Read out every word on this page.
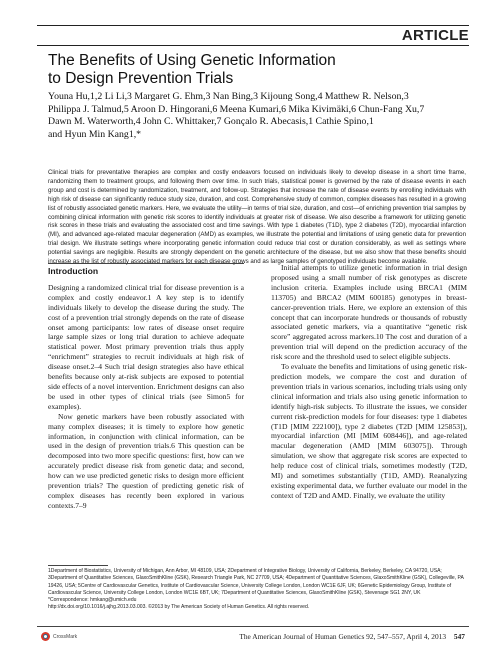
ARTICLE
The Benefits of Using Genetic Information
to Design Prevention Trials
Youna Hu,1,2 Li Li,3 Margaret G. Ehm,3 Nan Bing,3 Kijoung Song,4 Matthew R. Nelson,3
Philippa J. Talmud,5 Aroon D. Hingorani,6 Meena Kumari,6 Mika Kivimäki,6 Chun-Fang Xu,7
Dawn M. Waterworth,4 John C. Whittaker,7 Gonçalo R. Abecasis,1 Cathie Spino,1
and Hyun Min Kang1,*
Clinical trials for preventative therapies are complex and costly endeavors focused on individuals likely to develop disease in a short time frame, randomizing them to treatment groups, and following them over time. In such trials, statistical power is governed by the rate of disease events in each group and cost is determined by randomization, treatment, and follow-up. Strategies that increase the rate of disease events by enrolling individuals with high risk of disease can significantly reduce study size, duration, and cost. Comprehensive study of common, complex diseases has resulted in a growing list of robustly associated genetic markers. Here, we evaluate the utility—in terms of trial size, duration, and cost—of enriching prevention trial samples by combining clinical information with genetic risk scores to identify individuals at greater risk of disease. We also describe a framework for utilizing genetic risk scores in these trials and evaluating the associated cost and time savings. With type 1 diabetes (T1D), type 2 diabetes (T2D), myocardial infarction (MI), and advanced age-related macular degeneration (AMD) as examples, we illustrate the potential and limitations of using genetic data for prevention trial design. We illustrate settings where incorporating genetic information could reduce trial cost or duration considerably, as well as settings where potential savings are negligible. Results are strongly dependent on the genetic architecture of the disease, but we also show that these benefits should increase as the list of robustly associated markers for each disease grows and as large samples of genotyped individuals become available.
Introduction

Designing a randomized clinical trial for disease prevention is a complex and costly endeavor.1 A key step is to identify individuals likely to develop the disease during the study. The cost of a prevention trial strongly depends on the rate of disease onset among participants: low rates of disease onset require large sample sizes or long trial duration to achieve adequate statistical power. Most primary prevention trials thus apply “enrichment” strategies to recruit individuals at high risk of disease onset.2–4 Such trial design strategies also have ethical benefits because only at-risk subjects are exposed to potential side effects of a novel intervention. Enrichment designs can also be used in other types of clinical trials (see Simon5 for examples).

Now genetic markers have been robustly associated with many complex diseases; it is timely to explore how genetic information, in conjunction with clinical information, can be used in the design of prevention trials.6 This question can be decomposed into two more specific questions: first, how can we accurately predict disease risk from genetic data; and second, how can we use predicted genetic risks to design more efficient prevention trials? The question of predicting genetic risk of complex diseases has recently been explored in various contexts.7–9

Initial attempts to utilize genetic information in trial design proposed using a small number of risk genotypes as discrete inclusion criteria. Examples include using BRCA1 (MIM 113705) and BRCA2 (MIM 600185) genotypes in breast-cancer-prevention trials. Here, we explore an extension of this concept that can incorporate hundreds or thousands of robustly associated genetic markers, via a quantitative “genetic risk score” aggregated across markers.10 The cost and duration of a prevention trial will depend on the prediction accuracy of the risk score and the threshold used to select eligible subjects.

To evaluate the benefits and limitations of using genetic risk-prediction models, we compare the cost and duration of prevention trials in various scenarios, including trials using only clinical information and trials also using genetic information to identify high-risk subjects. To illustrate the issues, we consider current risk-prediction models for four diseases: type 1 diabetes (T1D [MIM 222100]), type 2 diabetes (T2D [MIM 125853]), myocardial infarction (MI [MIM 608446]), and age-related macular degeneration (AMD [MIM 603075]). Through simulation, we show that aggregate risk scores are expected to help reduce cost of clinical trials, sometimes modestly (T2D, MI) and sometimes substantially (T1D, AMD). Reanalyzing existing experimental data, we further evaluate our model in the context of T2D and AMD. Finally, we evaluate the utility

1Department of Biostatistics, University of Michigan, Ann Arbor, MI 48109, USA; 2Department of Integrative Biology, University of California, Berkeley, Berkeley, CA 94720, USA; 3Department of Quantitative Sciences, GlaxoSmithKline (GSK), Research Triangle Park, NC 27709, USA; 4Department of Quantitative Sciences, GlaxoSmithKline (GSK), Collegeville, PA 19426, USA; 5Centre of Cardiovascular Genetics, Institute of Cardiovascular Science, University College London, London WC1E 6JF, UK; 6Genetic Epidemiology Group, Institute of Cardiovascular Science, University College London, London WC1E 6BT, UK; 7Department of Quantitative Sciences, GlaxoSmithKline (GSK), Stevenage SG1 2NY, UK
*Correspondence: hmkang@umich.edu
http://dx.doi.org/10.1016/j.ajhg.2013.03.003. ©2013 by The American Society of Human Genetics. All rights reserved.
CrossMark	The American Journal of Human Genetics 92, 547–557, April 4, 2013 547
